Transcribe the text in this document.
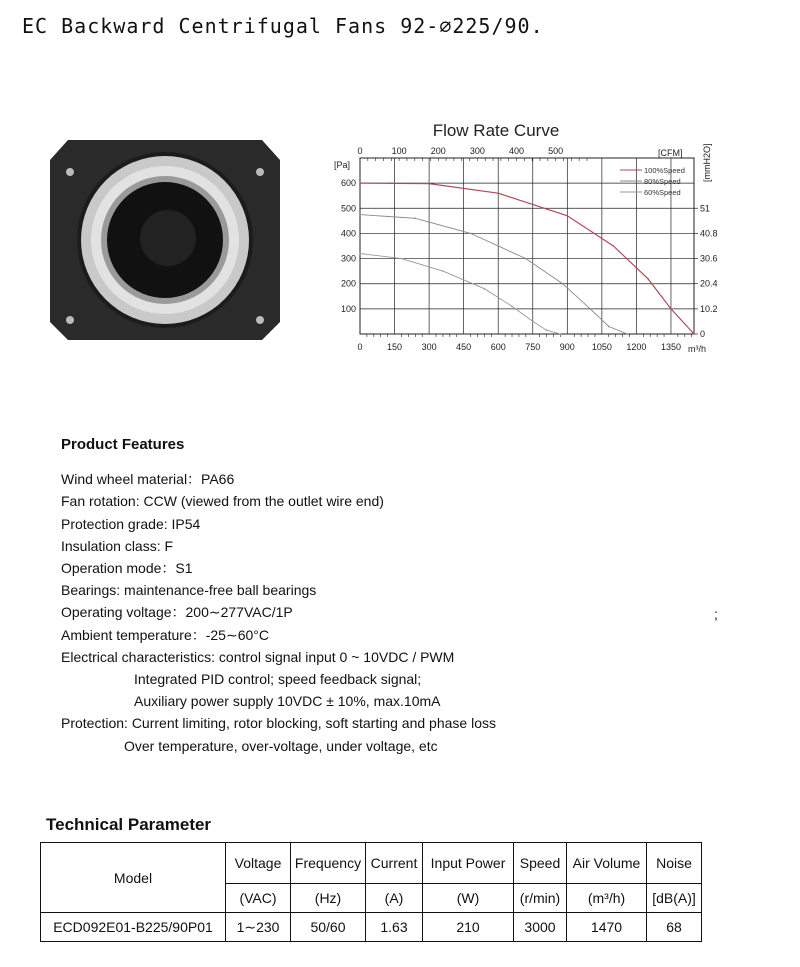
EC Backward Centrifugal Fans 92-⌀225/90.
Flow Rate Curve
0	150 300 450 600 750 900 1050 1200 1350
600
500
400
300
200
100
51
40.8
30.6
20.4
10.2
0
0	100	200	300	400	500
[Pa]
[CFM]
m³/h
[mmH2O]
100%Speed
80%Speed
60%Speed
Product Features
Wind wheel material：PA66
Fan rotation: CCW (viewed from the outlet wire end)
Protection grade: IP54
Insulation class: F
Operation mode：S1
Bearings: maintenance-free ball bearings
Operating voltage：200∼277VAC/1P
Ambient temperature：-25∼60°C
Electrical characteristics: control signal input 0 ~ 10VDC / PWM
Integrated PID control; speed feedback signal;
Auxiliary power supply 10VDC ± 10%, max.10mA
Protection: Current limiting, rotor blocking, soft starting and phase loss
Over temperature, over-voltage, under voltage, etc
;
Technical Parameter
Model	Voltage	Frequency	Current	Input Power	Speed	Air Volume	Noise
	(VAC)	(Hz)	(A)	(W)	(r/min)	(m³/h)	[dB(A)]
ECD092E01-B225/90P01	1∼230	50/60	1.63	210	3000	1470	68
